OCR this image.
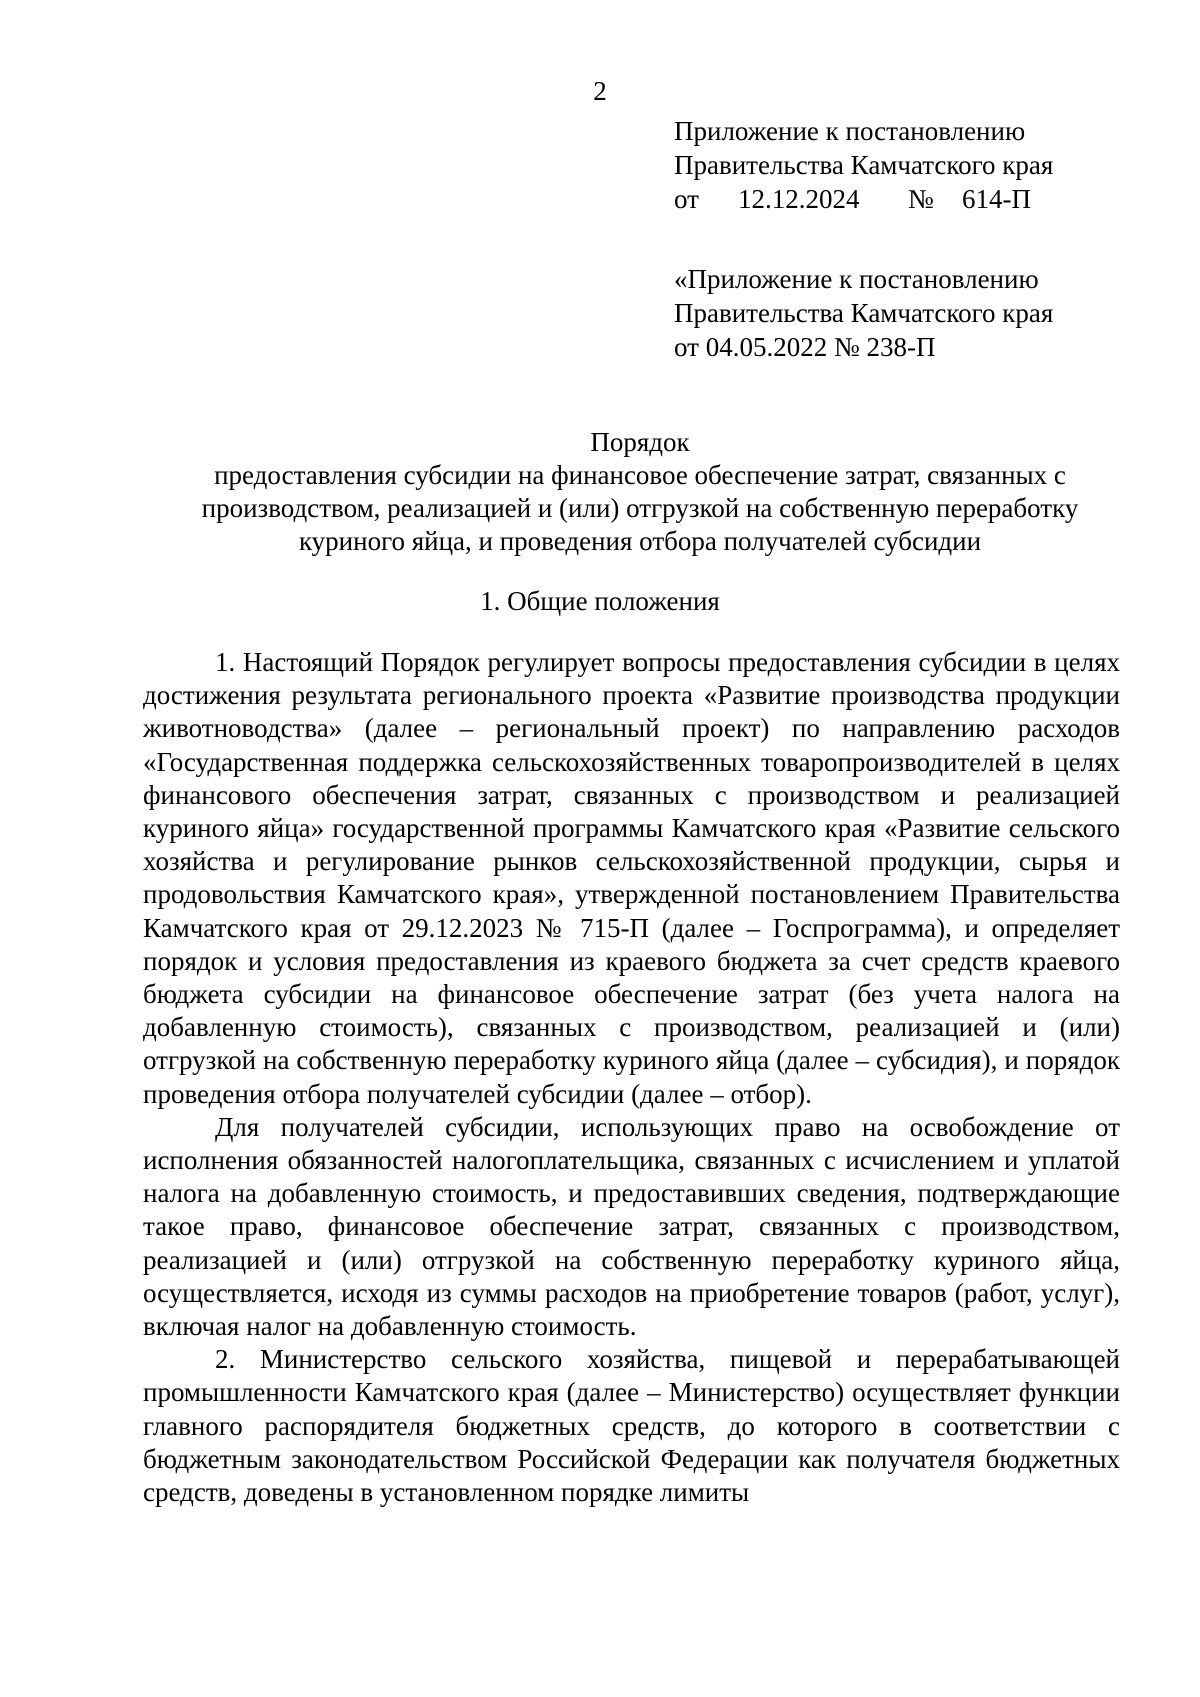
2
Приложение к постановлению
Правительства Камчатского края
от 12.12.2024 № 614-П
«Приложение к постановлению
Правительства Камчатского края
от 04.05.2022 № 238-П
Порядок
предоставления субсидии на финансовое обеспечение затрат, связанных с
производством, реализацией и (или) отгрузкой на собственную переработку
куриного яйца, и проведения отбора получателей субсидии
1. Общие положения

1. Настоящий Порядок регулирует вопросы предоставления субсидии в целях достижения результата регионального проекта «Развитие производства продукции животноводства» (далее – региональный проект) по направлению расходов «Государственная поддержка сельскохозяйственных товаропроизводителей в целях финансового обеспечения затрат, связанных с производством и реализацией куриного яйца» государственной программы Камчатского края «Развитие сельского хозяйства и регулирование рынков сельскохозяйственной продукции, сырья и продовольствия Камчатского края», утвержденной постановлением Правительства Камчатского края от 29.12.2023 № 715-П (далее – Госпрограмма), и определяет порядок и условия предоставления из краевого бюджета за счет средств краевого бюджета субсидии на финансовое обеспечение затрат (без учета налога на добавленную стоимость), связанных с производством, реализацией и (или) отгрузкой на собственную переработку куриного яйца (далее – субсидия), и порядок проведения отбора получателей субсидии (далее – отбор).

Для получателей субсидии, использующих право на освобождение от исполнения обязанностей налогоплательщика, связанных с исчислением и уплатой налога на добавленную стоимость, и предоставивших сведения, подтверждающие такое право, финансовое обеспечение затрат, связанных с производством, реализацией и (или) отгрузкой на собственную переработку куриного яйца, осуществляется, исходя из суммы расходов на приобретение товаров (работ, услуг), включая налог на добавленную стоимость.

2. Министерство сельского хозяйства, пищевой и перерабатывающей промышленности Камчатского края (далее – Министерство) осуществляет функции главного распорядителя бюджетных средств, до которого в соответствии с бюджетным законодательством Российской Федерации как получателя бюджетных средств, доведены в установленном порядке лимиты
